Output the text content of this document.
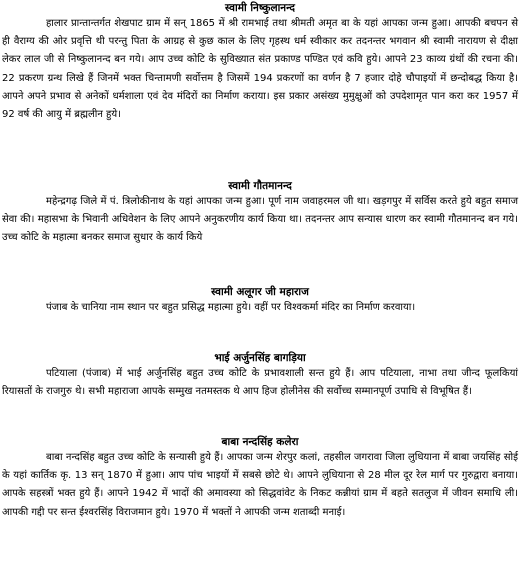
स्वामी निष्कुलानन्द

हालार प्रान्तान्तर्गत शेखपाट ग्राम में सन् 1865 में श्री रामभाई तथा श्रीमती अमृत बा के यहां आपका जन्म हुआ। आपकी बचपन से ही वैराग्य की ओर प्रवृत्ति थी परन्तु पिता के आग्रह से कुछ काल के लिए गृहस्थ धर्म स्वीकार कर तदनन्तर भगवान श्री स्वामी नारायण से दीक्षा लेकर लाल जी से निष्कुलानन्द बन गये। आप उच्च कोटि के सुविख्यात संत प्रकाण्ड पण्डित एवं कवि हुये। आपने 23 काव्य ग्रंथों की रचना की। 22 प्रकरण ग्रन्थ लिखे हैं जिनमें भक्त चिन्तामणी सर्वोत्तम है जिसमें 194 प्रकरणों का वर्णन है 7 हजार दोहे चौपाइयों में छन्दोबद्ध किया है। आपने अपने प्रभाव से अनेकों धर्मशाला एवं देव मंदिरों का निर्माण कराया। इस प्रकार असंख्य मुमुक्षुओं को उपदेशामृत पान करा कर 1957 में 92 वर्ष की आयु में ब्रह्मलीन हुये।

स्वामी गौतमानन्द

महेन्द्रगढ़ जिले में पं. त्रिलोकीनाथ के यहां आपका जन्म हुआ। पूर्ण नाम जवाहरमल जी था। खड़गपुर में सर्विस करते हुये बहुत समाज सेवा की। महासभा के भिवानी अधिवेशन के लिए आपने अनुकरणीय कार्य किया था। तदनन्तर आप सन्यास धारण कर स्वामी गौतमानन्द बन गये। उच्च कोटि के महात्मा बनकर समाज सुधार के कार्य किये

स्वामी अलूगर जी महाराज

पंजाब के चानिया नाम स्थान पर बहुत प्रसिद्ध महात्मा हुये। वहीं पर विश्वकर्मा मंदिर का निर्माण करवाया।

भाई अर्जुनसिंह बागड़िया

पटियाला (पंजाब) में भाई अर्जुनसिंह बहुत उच्च कोटि के प्रभावशाली सन्त हुये हैं। आप पटियाला, नाभा तथा जीन्द फूलकियां रियासतों के राजगुरु थे। सभी महाराजा आपके सम्मुख नतमस्तक थे आप हिज होलीनेस की सर्वोच्च सम्मानपूर्ण उपाधि से विभूषित हैं।

बाबा नन्दसिंह कलेरा

बाबा नन्दसिंह बहुत उच्च कोटि के सन्यासी हुये हैं। आपका जन्म शेरपुर कलां, तहसील जगरावा जिला लुधियाना में बाबा जयसिंह सोई के यहां कार्तिक कृ. 13 सन् 1870 में हुआ। आप पांच भाइयों में सबसे छोटे थे। आपने लुधियाना से 28 मील दूर रेल मार्ग पर गुरुद्वारा बनाया। आपके सहस्त्रों भक्त हुये हैं। आपने 1942 में भादों की अमावस्या को सिद्धवांवेट के निकट कन्नीयां ग्राम में बहते सतलुज में जीवन समाधि ली। आपकी गद्दी पर सन्त ईश्वरसिंह विराजमान हुये। 1970 में भक्तों ने आपकी जन्म शताब्दी मनाई।
